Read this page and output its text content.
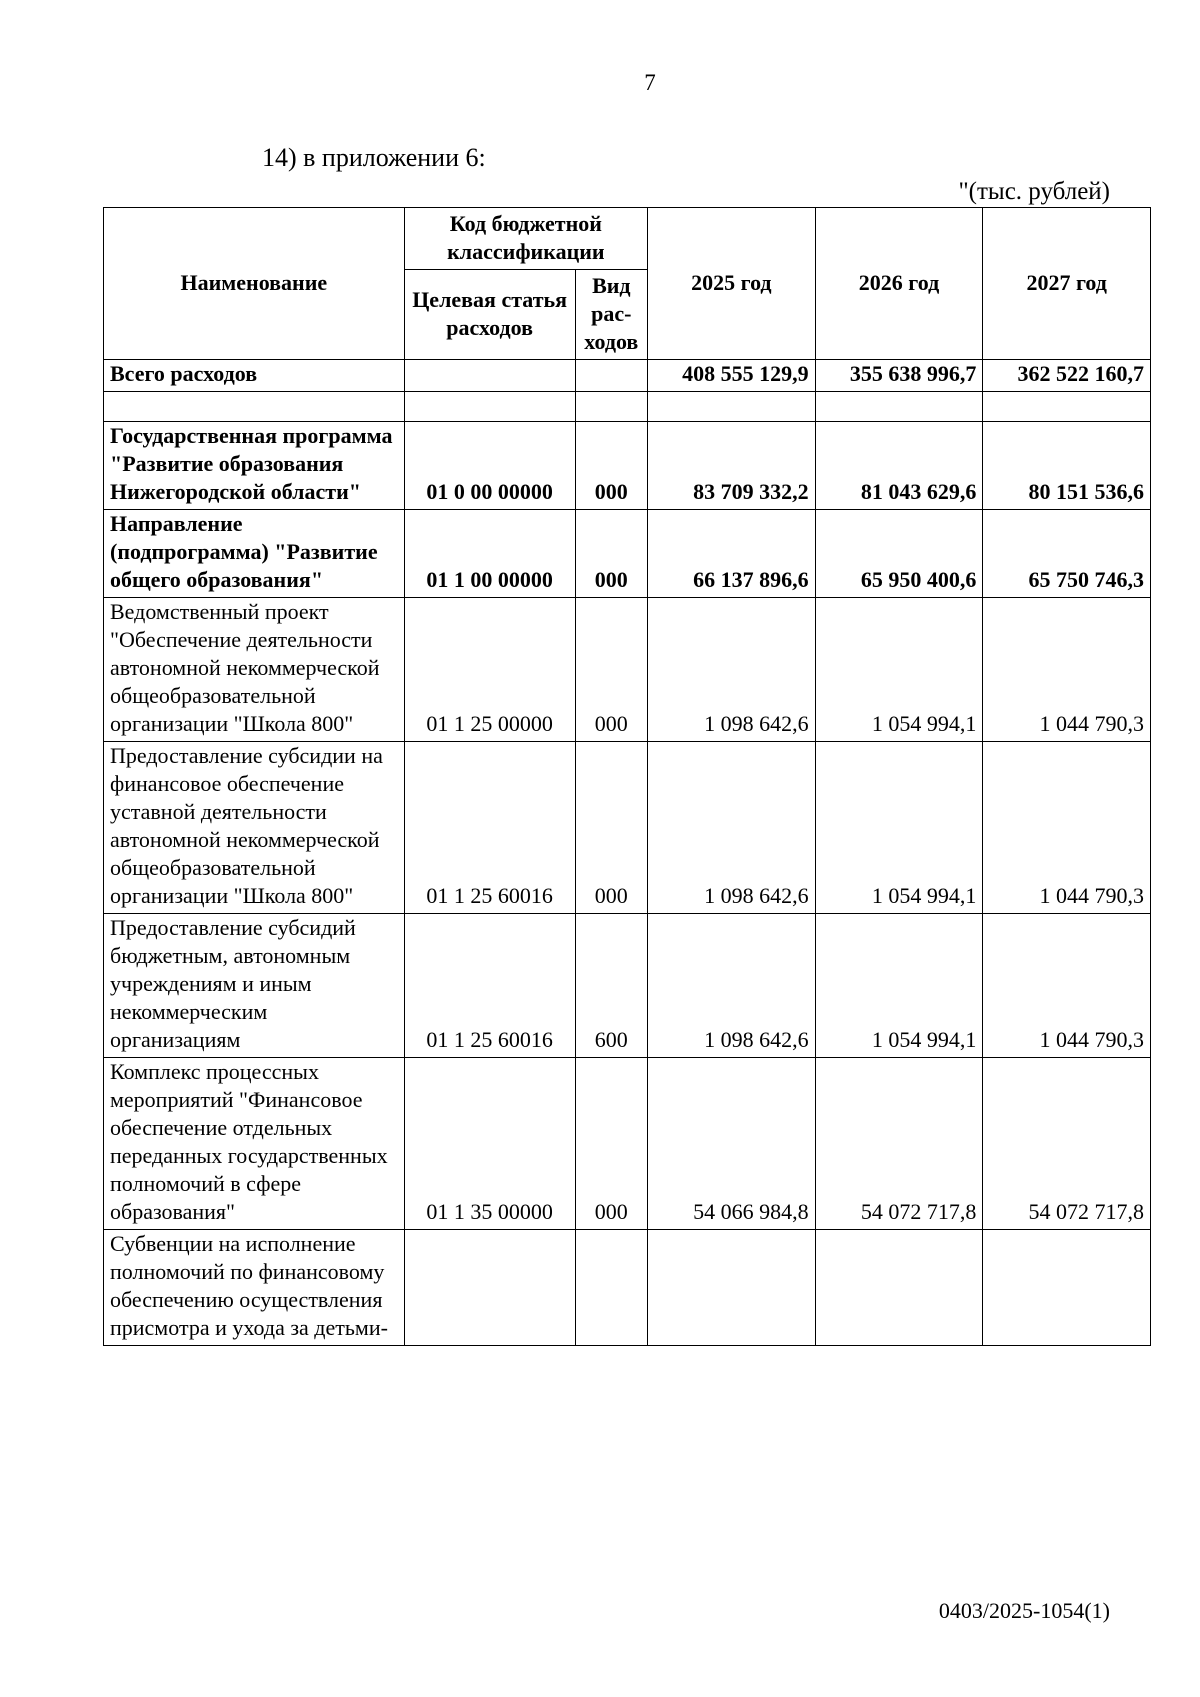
7
14) в приложении 6:
"(тыс. рублей)
Наименование	Код бюджетной классификации		2025 год	2026 год	2027 год
	Целевая статья расходов	Вид рас-ходов			
Всего расходов			408 555 129,9	355 638 996,7	362 522 160,7

Государственная программа "Развитие образования Нижегородской области"	01 0 00 00000	000	83 709 332,2	81 043 629,6	80 151 536,6
Направление (подпрограмма) "Развитие общего образования"	01 1 00 00000	000	66 137 896,6	65 950 400,6	65 750 746,3
Ведомственный проект "Обеспечение деятельности автономной некоммерческой общеобразовательной организации "Школа 800"	01 1 25 00000	000	1 098 642,6	1 054 994,1	1 044 790,3
Предоставление субсидии на финансовое обеспечение уставной деятельности автономной некоммерческой общеобразовательной организации "Школа 800"	01 1 25 60016	000	1 098 642,6	1 054 994,1	1 044 790,3
Предоставление субсидий бюджетным, автономным учреждениям и иным некоммерческим организациям	01 1 25 60016	600	1 098 642,6	1 054 994,1	1 044 790,3
Комплекс процессных мероприятий "Финансовое обеспечение отдельных переданных государственных полномочий в сфере образования"	01 1 35 00000	000	54 066 984,8	54 072 717,8	54 072 717,8
Субвенции на исполнение полномочий по финансовому обеспечению осуществления присмотра и ухода за детьми-					
0403/2025-1054(1)
